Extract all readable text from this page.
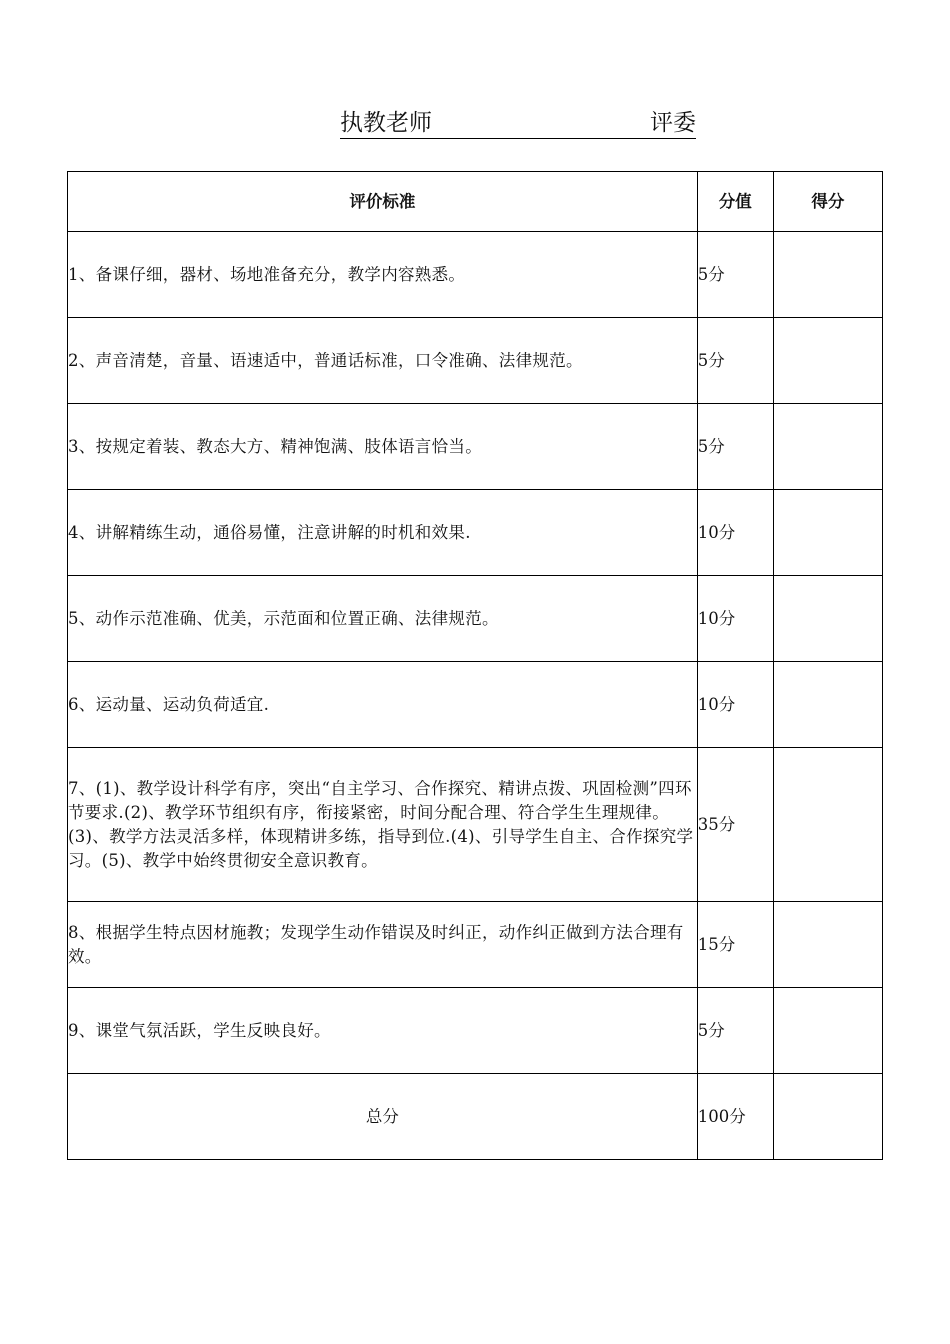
执教老师	评委
评价标准	分值	得分
1、备课仔细，器材、场地准备充分，教学内容熟悉。	5分	
2、声音清楚，音量、语速适中，普通话标准，口令准确、法律规范。	5分	
3、按规定着装、教态大方、精神饱满、肢体语言恰当。	5分	
4、讲解精练生动，通俗易懂，注意讲解的时机和效果.	10分	
5、动作示范准确、优美，示范面和位置正确、法律规范。	10分	
6、运动量、运动负荷适宜.	10分	
7、(1)、教学设计科学有序，突出“自主学习、合作探究、精讲点拨、巩固检测”四环节要求.(2)、教学环节组织有序，衔接紧密，时间分配合理、符合学生生理规律。(3)、教学方法灵活多样，体现精讲多练，指导到位.(4)、引导学生自主、合作探究学习。(5)、教学中始终贯彻安全意识教育。	35分	
8、根据学生特点因材施教；发现学生动作错误及时纠正，动作纠正做到方法合理有效。	15分	
9、课堂气氛活跃，学生反映良好。	5分	
总分	100分	
